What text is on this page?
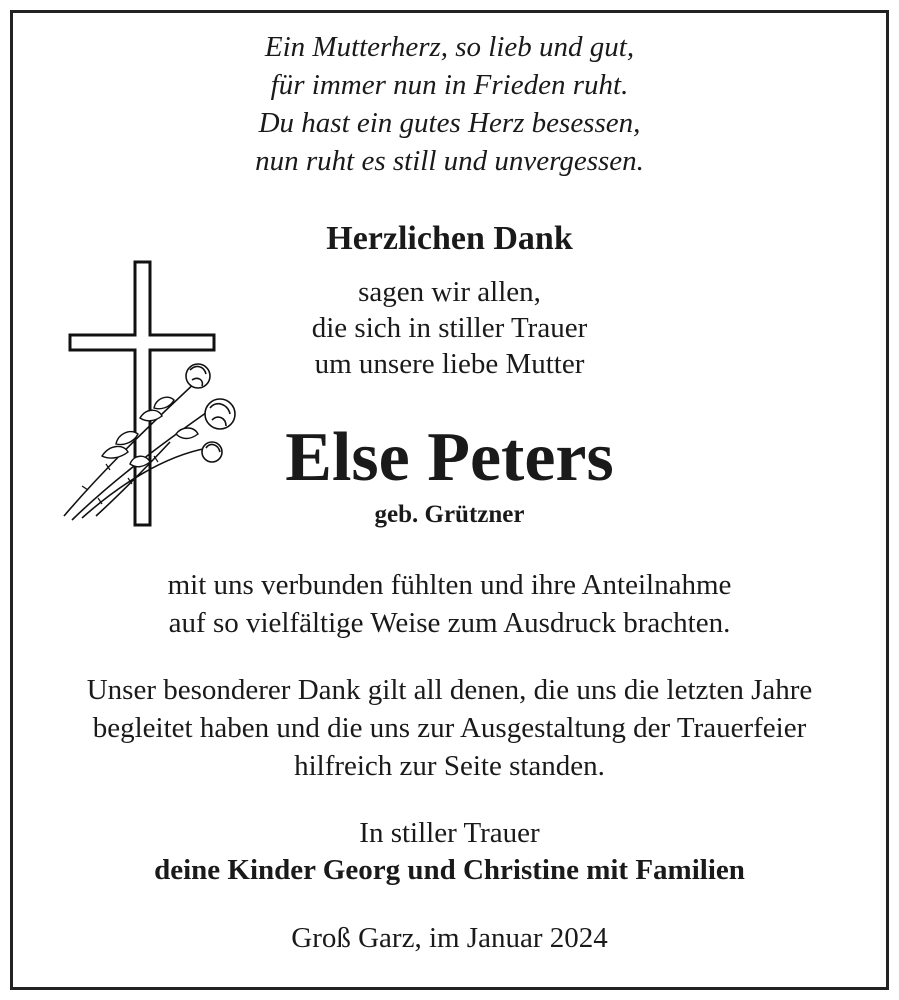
Ein Mutterherz, so lieb und gut,

für immer nun in Frieden ruht.

Du hast ein gutes Herz besessen,

nun ruht es still und unvergessen.

Herzlichen Dank

sagen wir allen,

die sich in stiller Trauer

um unsere liebe Mutter

Else Peters

geb. Grützner

mit uns verbunden fühlten und ihre Anteilnahme

auf so vielfältige Weise zum Ausdruck brachten.

Unser besonderer Dank gilt all denen, die uns die letzten Jahre

begleitet haben und die uns zur Ausgestaltung der Trauerfeier

hilfreich zur Seite standen.

In stiller Trauer

deine Kinder Georg und Christine mit Familien

Groß Garz, im Januar 2024
